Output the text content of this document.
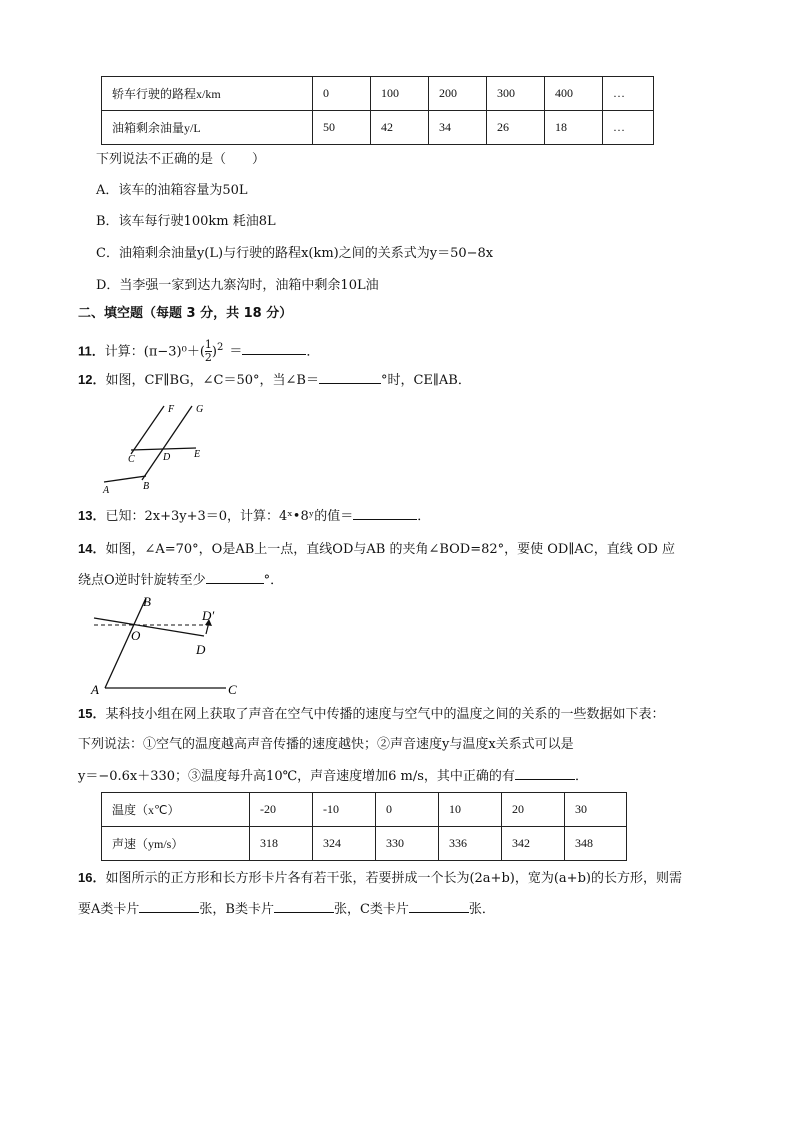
轿车行驶的路程x/km	0	100	200	300	400	…
油箱剩余油量y/L	50	42	34	26	18	…
下列说法不正确的是（　　）
A．该车的油箱容量为50L
B．该车每行驶100km 耗油8L
C．油箱剩余油量y(L)与行驶的路程x(km)之间的关系式为y＝50−8x
D．当李强一家到达九寨沟时，油箱中剩余10L油
二、填空题（每题 3 分，共 18 分）
11．计算：$(\pi-3)^0+( \frac{1}{2} )^2$ ＝	．
12．如图，CF∥BG，∠C＝50°，当∠B＝	°时，CE∥AB．
F G
C	D E
A	B
13．已知：2x+3y+3＝0，计算：4ˣ•8ʸ的值＝	．
14．如图，∠A=70°，O是AB上一点，直线OD与AB 的夹角∠BOD=82°，要使 OD∥AC，直线 OD 应
绕点O逆时针旋转至少	°．
B
D′
O
D
A	C
15．某科技小组在网上获取了声音在空气中传播的速度与空气中的温度之间的关系的一些数据如下表：
下列说法：①空气的温度越高声音传播的速度越快；②声音速度y与温度x关系式可以是
y＝−0.6x＋330；③温度每升高10℃，声音速度增加6 m/s，其中正确的有	．
温度（x℃）	-20	-10	0	10	20	30
声速（ym/s）	318	324	330	336	342	348
16．如图所示的正方形和长方形卡片各有若干张，若要拼成一个长为(2a+b)，宽为(a+b)的长方形，则需
要A类卡片	张，B类卡片	张，C类卡片	张．
